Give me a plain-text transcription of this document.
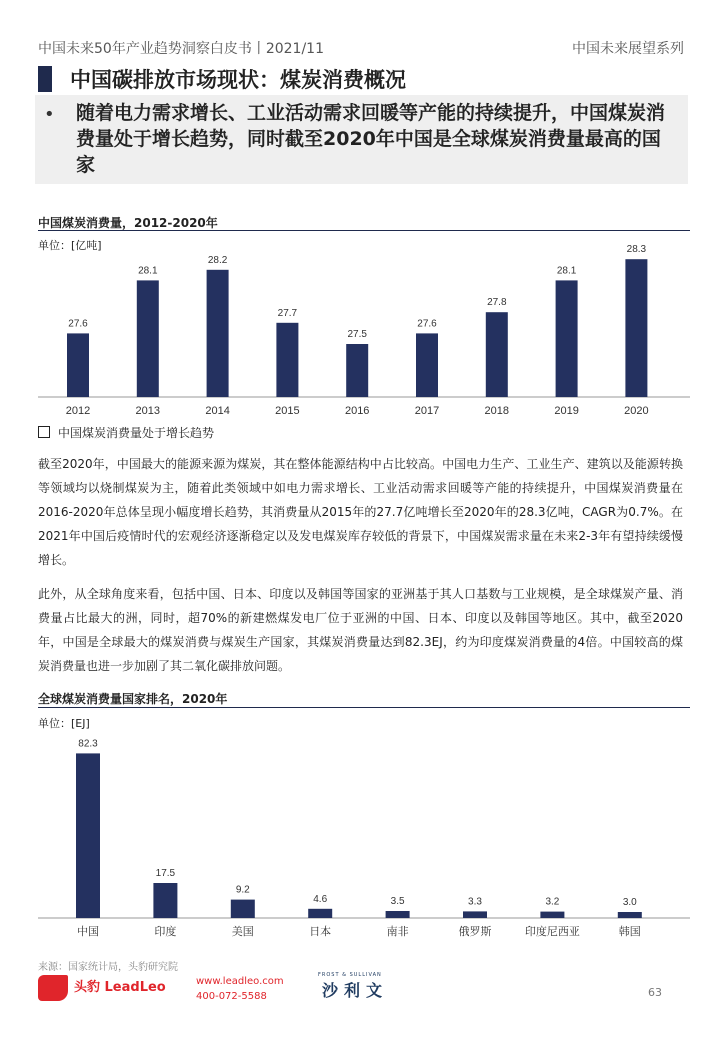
中国未来50年产业趋势洞察白皮书丨2021/11	中国未来展望系列
中国碳排放市场现状：煤炭消费概况
• 随着电力需求增长、工业活动需求回暖等产能的持续提升，中国煤炭消费量处于增长趋势，同时截至2020年中国是全球煤炭消费量最高的国家
中国煤炭消费量，2012-2020年
单位：[亿吨]
27.6
2012
28.1
2013
28.2
2014
27.7
2015
27.5
2016
27.6
2017
27.8
2018
28.1
2019
28.3
2020
中国煤炭消费量处于增长趋势

截至2020年，中国最大的能源来源为煤炭，其在整体能源结构中占比较高。中国电力生产、工业生产、建筑以及能源转换等领域均以烧制煤炭为主，随着此类领域中如电力需求增长、工业活动需求回暖等产能的持续提升，中国煤炭消费量在2016-2020年总体呈现小幅度增长趋势，其消费量从2015年的27.7亿吨增长至2020年的28.3亿吨，CAGR为0.7%。在2021年中国后疫情时代的宏观经济逐渐稳定以及发电煤炭库存较低的背景下，中国煤炭需求量在未来2-3年有望持续缓慢增长。

此外，从全球角度来看，包括中国、日本、印度以及韩国等国家的亚洲基于其人口基数与工业规模，是全球煤炭产量、消费量占比最大的洲，同时，超70%的新建燃煤发电厂位于亚洲的中国、日本、印度以及韩国等地区。其中，截至2020年，中国是全球最大的煤炭消费与煤炭生产国家，其煤炭消费量达到82.3EJ，约为印度煤炭消费量的4倍。中国较高的煤炭消费量也进一步加剧了其二氧化碳排放问题。

全球煤炭消费量国家排名，2020年
单位：[EJ]
82.3
中国
17.5
印度
9.2
美国
4.6
日本
3.5
南非
3.3
俄罗斯
3.2
印度尼西亚
3.0
韩国
来源：国家统计局，头豹研究院
头豹 LeadLeo	www.leadleo.com
400-072-5588
FROST & SULLIVAN
沙利文	63
